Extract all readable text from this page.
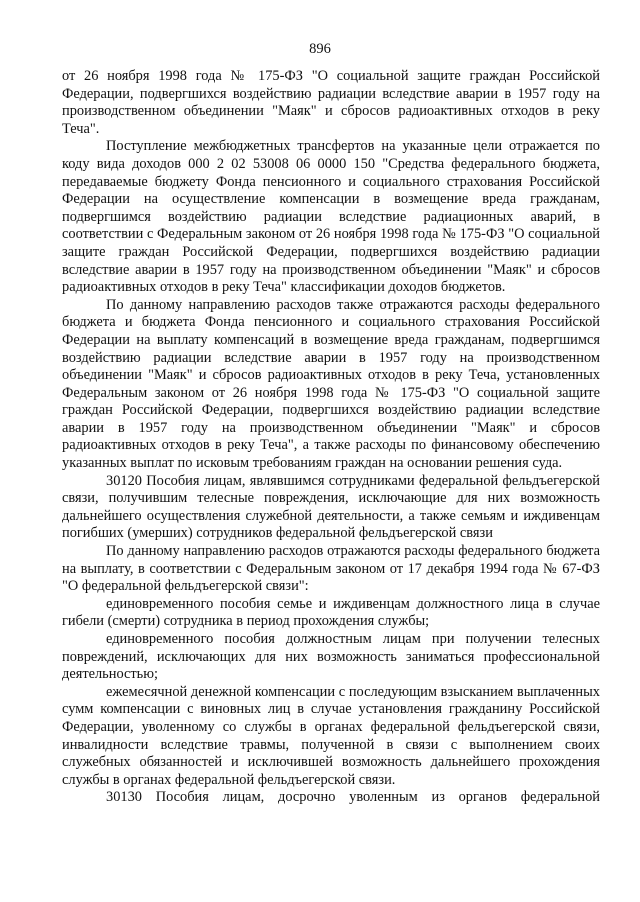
896

от 26 ноября 1998 года № 175-ФЗ "О социальной защите граждан Российской Федерации, подвергшихся воздействию радиации вследствие аварии в 1957 году на производственном объединении "Маяк" и сбросов радиоактивных отходов в реку Теча".

Поступление межбюджетных трансфертов на указанные цели отражается по коду вида доходов 000 2 02 53008 06 0000 150 "Средства федерального бюджета, передаваемые бюджету Фонда пенсионного и социального страхования Российской Федерации на осуществление компенсации в возмещение вреда гражданам, подвергшимся воздействию радиации вследствие радиационных аварий, в соответствии с Федеральным законом от 26 ноября 1998 года № 175-ФЗ "О социальной защите граждан Российской Федерации, подвергшихся воздействию радиации вследствие аварии в 1957 году на производственном объединении "Маяк" и сбросов радиоактивных отходов в реку Теча" классификации доходов бюджетов.

По данному направлению расходов также отражаются расходы федерального бюджета и бюджета Фонда пенсионного и социального страхования Российской Федерации на выплату компенсаций в возмещение вреда гражданам, подвергшимся воздействию радиации вследствие аварии в 1957 году на производственном объединении "Маяк" и сбросов радиоактивных отходов в реку Теча, установленных Федеральным законом от 26 ноября 1998 года № 175-ФЗ "О социальной защите граждан Российской Федерации, подвергшихся воздействию радиации вследствие аварии в 1957 году на производственном объединении "Маяк" и сбросов радиоактивных отходов в реку Теча", а также расходы по финансовому обеспечению указанных выплат по исковым требованиям граждан на основании решения суда.

30120 Пособия лицам, являвшимся сотрудниками федеральной фельдъегерской связи, получившим телесные повреждения, исключающие для них возможность дальнейшего осуществления служебной деятельности, а также семьям и иждивенцам погибших (умерших) сотрудников федеральной фельдъегерской связи

По данному направлению расходов отражаются расходы федерального бюджета на выплату, в соответствии с Федеральным законом от 17 декабря 1994 года № 67-ФЗ "О федеральной фельдъегерской связи":

единовременного пособия семье и иждивенцам должностного лица в случае гибели (смерти) сотрудника в период прохождения службы;

единовременного пособия должностным лицам при получении телесных повреждений, исключающих для них возможность заниматься профессиональной деятельностью;

ежемесячной денежной компенсации с последующим взысканием выплаченных сумм компенсации с виновных лиц в случае установления гражданину Российской Федерации, уволенному со службы в органах федеральной фельдъегерской связи, инвалидности вследствие травмы, полученной в связи с выполнением своих служебных обязанностей и исключившей возможность дальнейшего прохождения службы в органах федеральной фельдъегерской связи.

30130 Пособия лицам, досрочно уволенным из органов федеральной
